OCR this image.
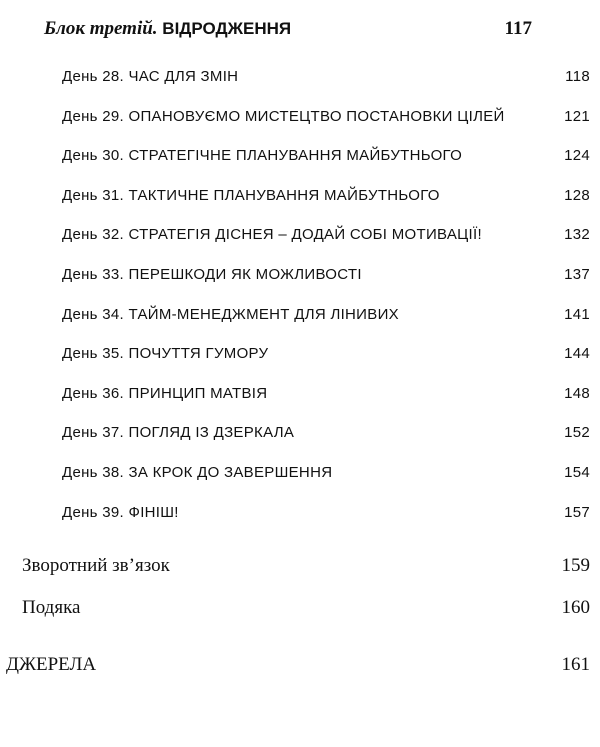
Блок третій. ВІДРОДЖЕННЯ	117
День 28. ЧАС ДЛЯ ЗМІН	118
День 29. ОПАНОВУЄМО МИСТЕЦТВО ПОСТАНОВКИ ЦІЛЕЙ	121
День 30. СТРАТЕГІЧНЕ ПЛАНУВАННЯ МАЙБУТНЬОГО	124
День 31. ТАКТИЧНЕ ПЛАНУВАННЯ МАЙБУТНЬОГО	128
День 32. СТРАТЕГІЯ ДІСНЕЯ – ДОДАЙ СОБІ МОТИВАЦІЇ!	132
День 33. ПЕРЕШКОДИ ЯК МОЖЛИВОСТІ	137
День 34. ТАЙМ-МЕНЕДЖМЕНТ ДЛЯ ЛІНИВИХ	141
День 35. ПОЧУТТЯ ГУМОРУ	144
День 36. ПРИНЦИП МАТВІЯ	148
День 37. ПОГЛЯД ІЗ ДЗЕРКАЛА	152
День 38. ЗА КРОК ДО ЗАВЕРШЕННЯ	154
День 39. ФІНІШ!	157
Зворотний зв’язок	159
Подяка	160
ДЖЕРЕЛА	161
